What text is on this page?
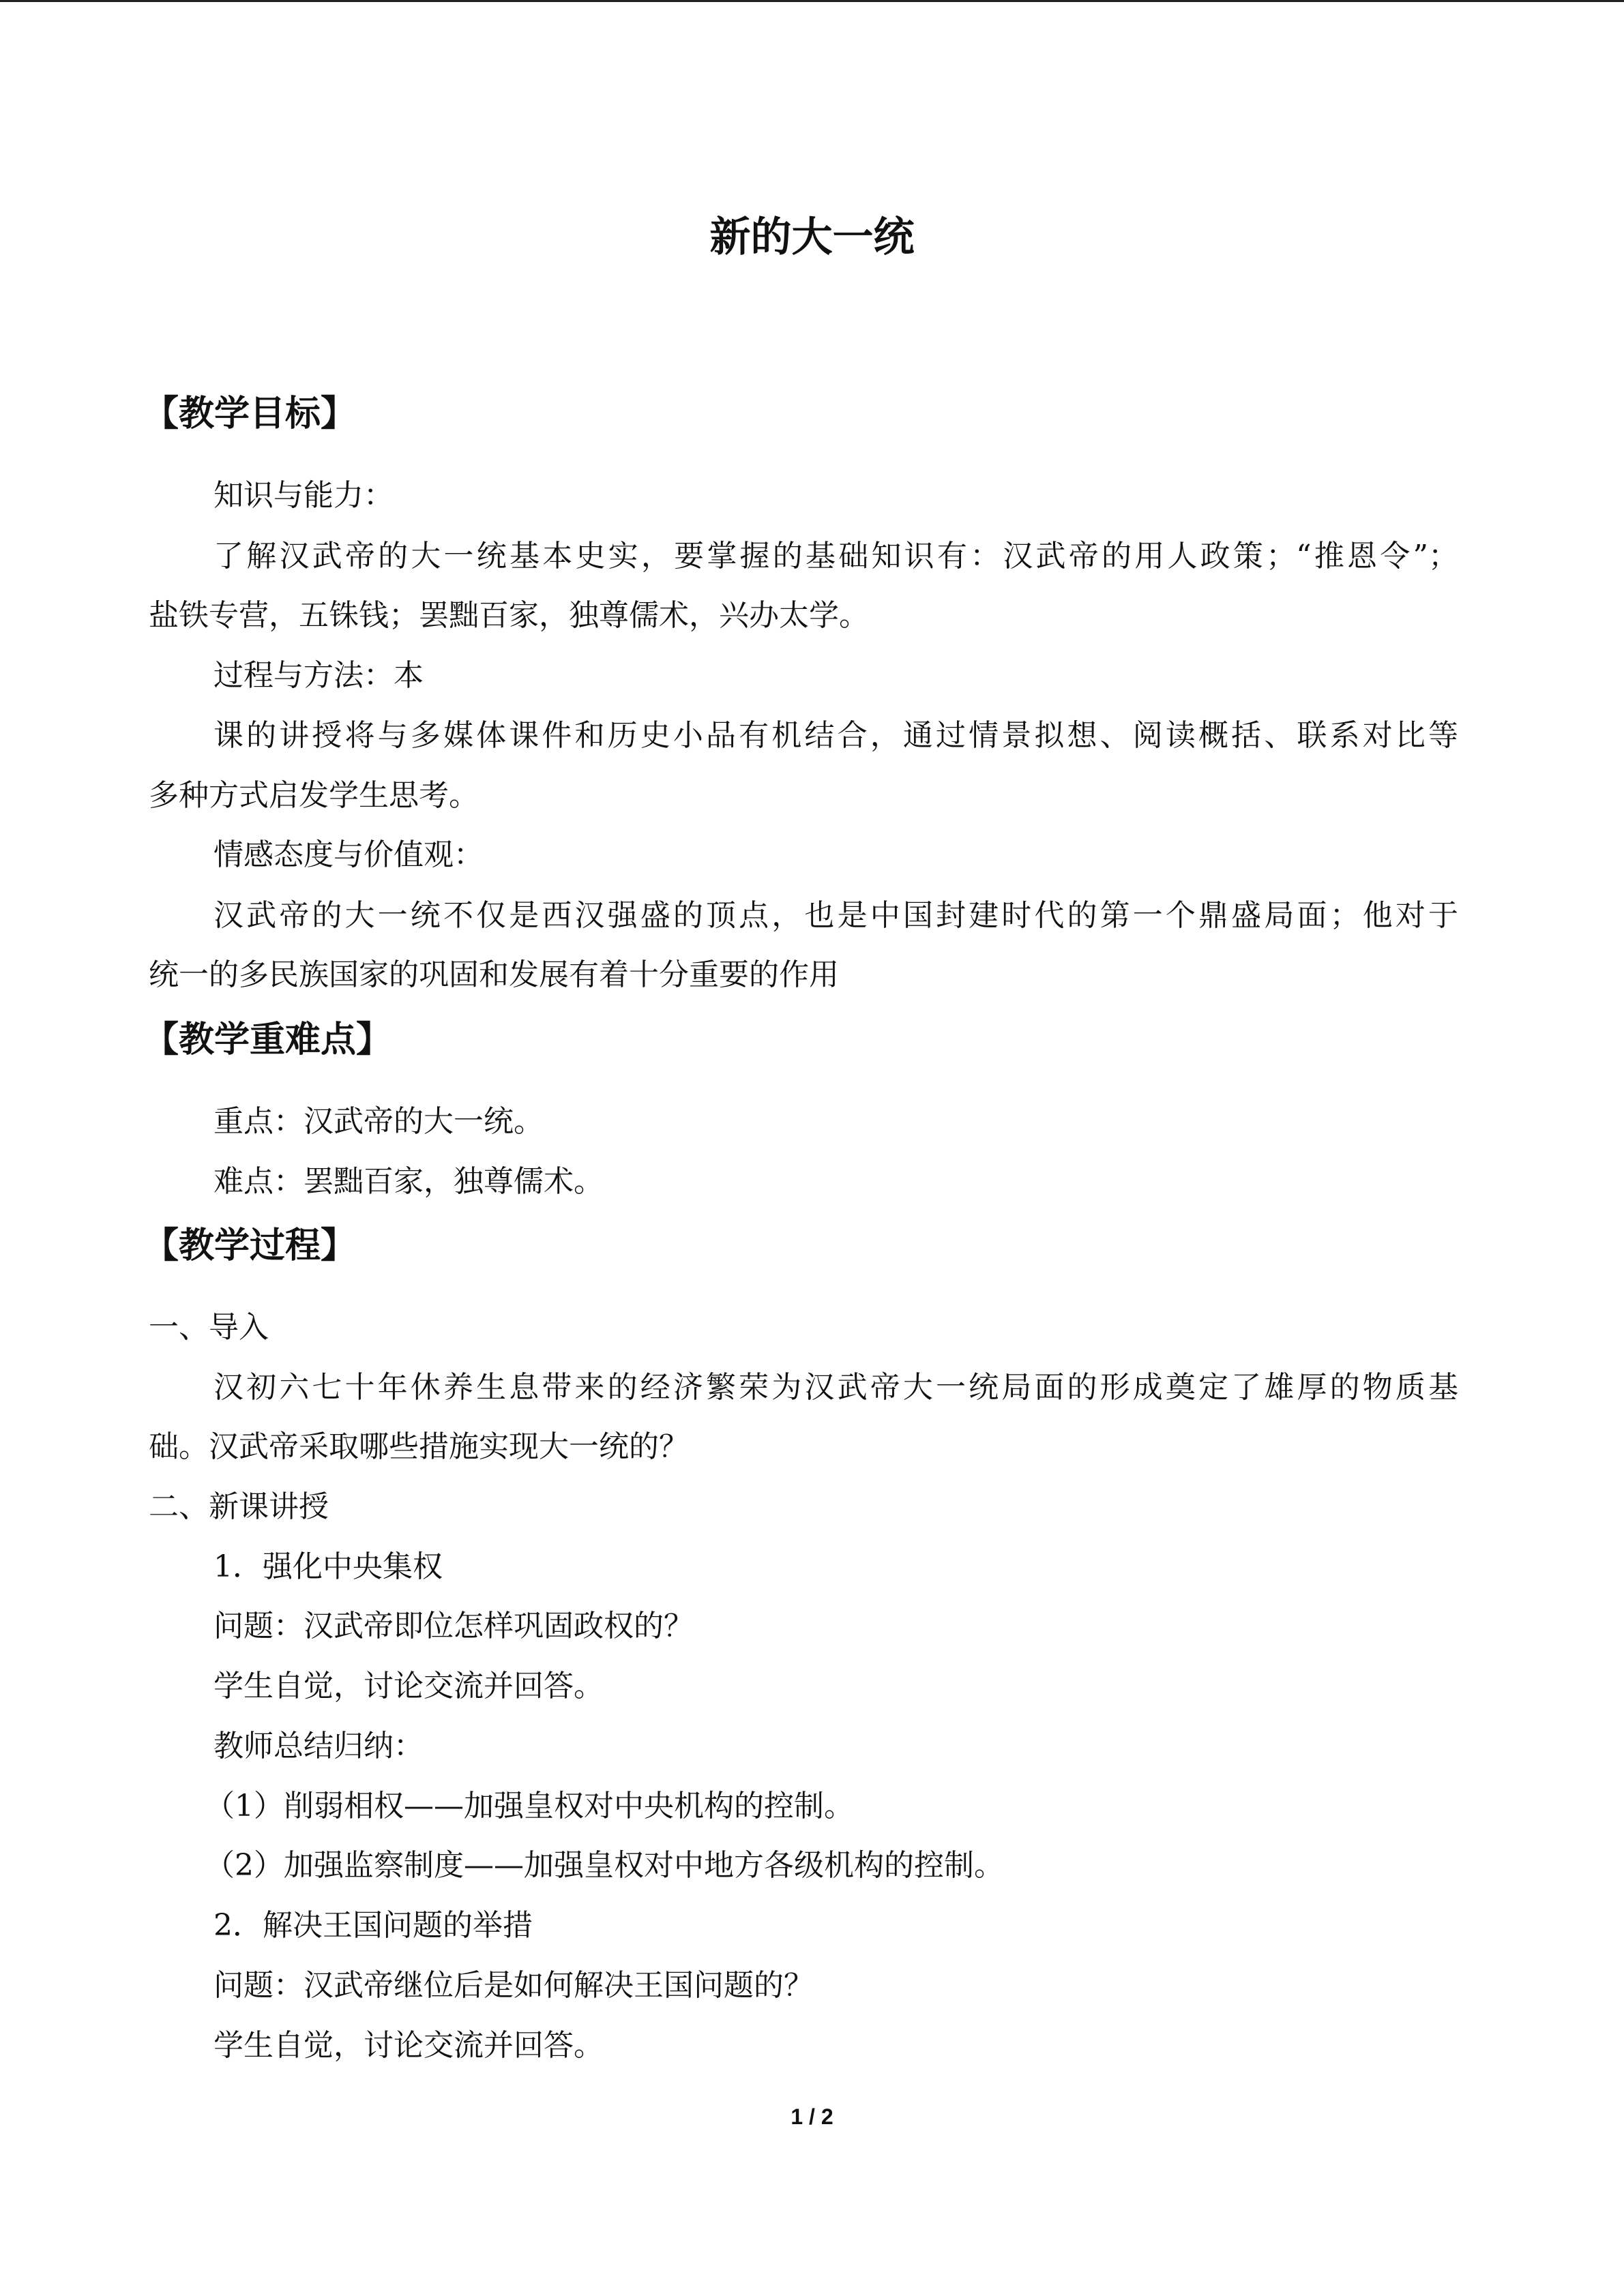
新的大一统
【教学目标】
知识与能力：
了解汉武帝的大一统基本史实，要掌握的基础知识有：汉武帝的用人政策；“推恩令”；
盐铁专营，五铢钱；罢黜百家，独尊儒术，兴办太学。
过程与方法：本
课的讲授将与多媒体课件和历史小品有机结合，通过情景拟想、阅读概括、联系对比等
多种方式启发学生思考。
情感态度与价值观：
汉武帝的大一统不仅是西汉强盛的顶点，也是中国封建时代的第一个鼎盛局面；他对于
统一的多民族国家的巩固和发展有着十分重要的作用
【教学重难点】
重点：汉武帝的大一统。
难点：罢黜百家，独尊儒术。
【教学过程】
一、导入
汉初六七十年休养生息带来的经济繁荣为汉武帝大一统局面的形成奠定了雄厚的物质基
础。汉武帝采取哪些措施实现大一统的？
二、新课讲授
1．强化中央集权
问题：汉武帝即位怎样巩固政权的？
学生自觉，讨论交流并回答。
教师总结归纳：
（1）削弱相权——加强皇权对中央机构的控制。
（2）加强监察制度——加强皇权对中地方各级机构的控制。
2．解决王国问题的举措
问题：汉武帝继位后是如何解决王国问题的？
学生自觉，讨论交流并回答。
1 / 2
